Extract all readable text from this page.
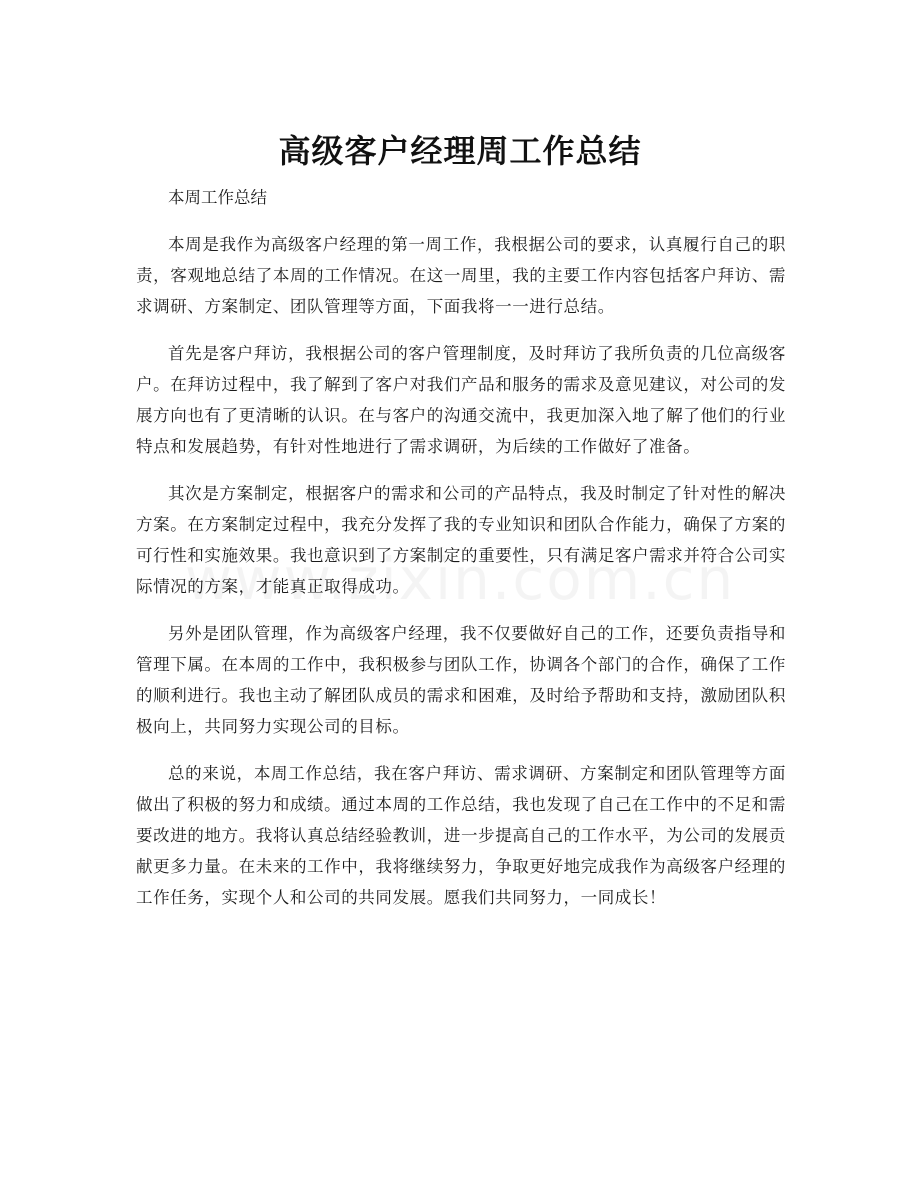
高级客户经理周工作总结

本周工作总结

本周是我作为高级客户经理的第一周工作，我根据公司的要求，认真履行自己的职责，客观地总结了本周的工作情况。在这一周里，我的主要工作内容包括客户拜访、需求调研、方案制定、团队管理等方面，下面我将一一进行总结。

首先是客户拜访，我根据公司的客户管理制度，及时拜访了我所负责的几位高级客户。在拜访过程中，我了解到了客户对我们产品和服务的需求及意见建议，对公司的发展方向也有了更清晰的认识。在与客户的沟通交流中，我更加深入地了解了他们的行业特点和发展趋势，有针对性地进行了需求调研，为后续的工作做好了准备。

其次是方案制定，根据客户的需求和公司的产品特点，我及时制定了针对性的解决方案。在方案制定过程中，我充分发挥了我的专业知识和团队合作能力，确保了方案的可行性和实施效果。我也意识到了方案制定的重要性，只有满足客户需求并符合公司实际情况的方案，才能真正取得成功。

另外是团队管理，作为高级客户经理，我不仅要做好自己的工作，还要负责指导和管理下属。在本周的工作中，我积极参与团队工作，协调各个部门的合作，确保了工作的顺利进行。我也主动了解团队成员的需求和困难，及时给予帮助和支持，激励团队积极向上，共同努力实现公司的目标。

总的来说，本周工作总结，我在客户拜访、需求调研、方案制定和团队管理等方面做出了积极的努力和成绩。通过本周的工作总结，我也发现了自己在工作中的不足和需要改进的地方。我将认真总结经验教训，进一步提高自己的工作水平，为公司的发展贡献更多力量。在未来的工作中，我将继续努力，争取更好地完成我作为高级客户经理的工作任务，实现个人和公司的共同发展。愿我们共同努力，一同成长！
